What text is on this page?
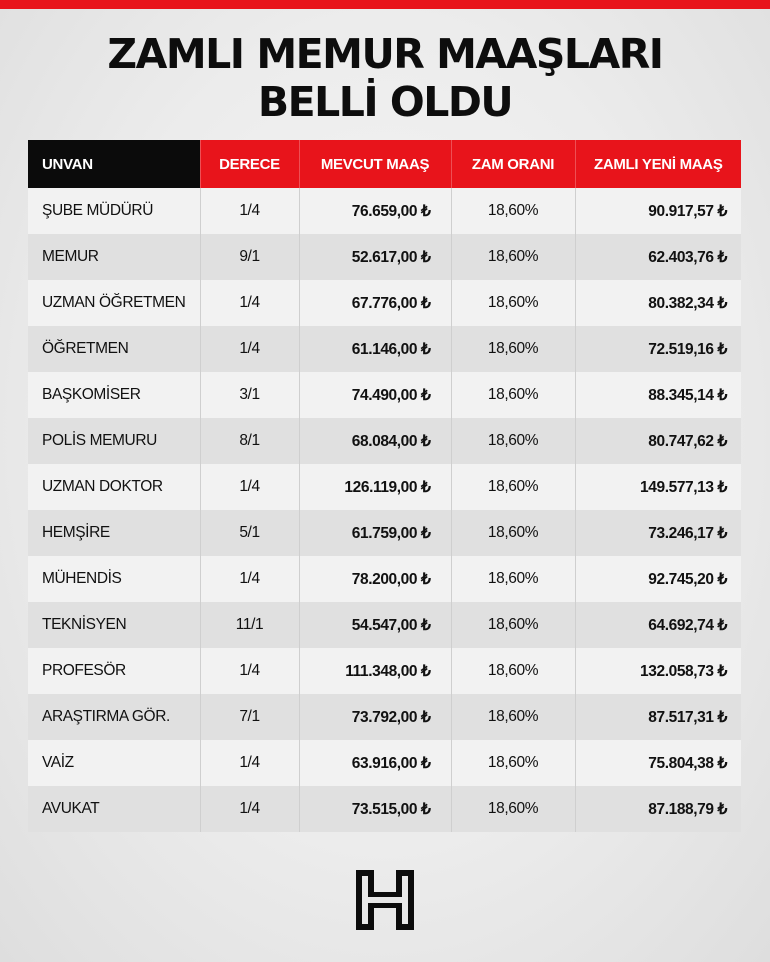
ZAMLI MEMUR MAAŞLARI
BELLİ OLDU
UNVAN	DERECE	MEVCUT MAAŞ	ZAM ORANI	ZAMLI YENİ MAAŞ
ŞUBE MÜDÜRÜ	1/4	76.659,00 ₺	18,60%	90.917,57 ₺
MEMUR	9/1	52.617,00 ₺	18,60%	62.403,76 ₺
UZMAN ÖĞRETMEN	1/4	67.776,00 ₺	18,60%	80.382,34 ₺
ÖĞRETMEN	1/4	61.146,00 ₺	18,60%	72.519,16 ₺
BAŞKOMİSER	3/1	74.490,00 ₺	18,60%	88.345,14 ₺
POLİS MEMURU	8/1	68.084,00 ₺	18,60%	80.747,62 ₺
UZMAN DOKTOR	1/4	126.119,00 ₺	18,60%	149.577,13 ₺
HEMŞİRE	5/1	61.759,00 ₺	18,60%	73.246,17 ₺
MÜHENDİS	1/4	78.200,00 ₺	18,60%	92.745,20 ₺
TEKNİSYEN	11/1	54.547,00 ₺	18,60%	64.692,74 ₺
PROFESÖR	1/4	111.348,00 ₺	18,60%	132.058,73 ₺
ARAŞTIRMA GÖR.	7/1	73.792,00 ₺	18,60%	87.517,31 ₺
VAİZ	1/4	63.916,00 ₺	18,60%	75.804,38 ₺
AVUKAT	1/4	73.515,00 ₺	18,60%	87.188,79 ₺
